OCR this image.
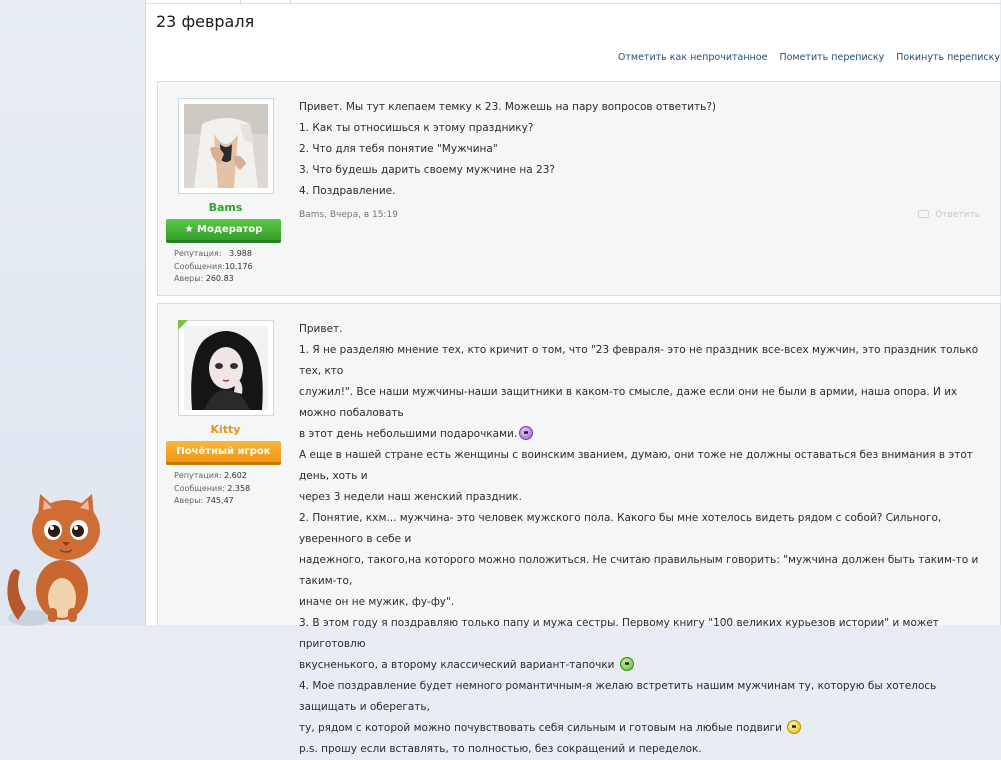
23 февраля
Отметить как непрочитанное Пометить переписку Покинуть переписку
Bams
★ Модератор
Репутация: 3.988
Сообщения:10.176
Аверы: 260.83
Привет. Мы тут клепаем темку к 23. Можешь на пару вопросов ответить?)
1. Как ты относишься к этому празднику?
2. Что для тебя понятие "Мужчина"
3. Что будешь дарить своему мужчине на 23?
4. Поздравление.
Bams, Вчера, в 15:19	Ответить
Kitty
Почётный игрок
Репутация: 2.602
Сообщения: 2.358
Аверы: 745,47
Привет.
1. Я не разделяю мнение тех, кто кричит о том, что "23 февраля- это не праздник все-всех мужчин, это праздник только тех, кто
служил!". Все наши мужчины-наши защитники в каком-то смысле, даже если они не были в армии, наша опора. И их можно побаловать
в этот день небольшими подарочками.
А еще в нашей стране есть женщины с воинским званием, думаю, они тоже не должны оставаться без внимания в этот день, хоть и
через 3 недели наш женский праздник.
2. Понятие, кхм... мужчина- это человек мужского пола. Какого бы мне хотелось видеть рядом с собой? Сильного, уверенного в себе и
надежного, такого,на которого можно положиться. Не считаю правильным говорить: "мужчина должен быть таким-то и таким-то,
иначе он не мужик, фу-фу".
3. В этом году я поздравляю только папу и мужа сестры. Первому книгу "100 великих курьезов истории" и может приготовлю
вкусненького, а второму классический вариант-тапочки
4. Мое поздравление будет немного романтичным-я желаю встретить нашим мужчинам ту, которую бы хотелось защищать и оберегать,
ту, рядом с которой можно почувствовать себя сильным и готовым на любые подвиги
p.s. прошу если вставлять, то полностью, без сокращений и переделок.
